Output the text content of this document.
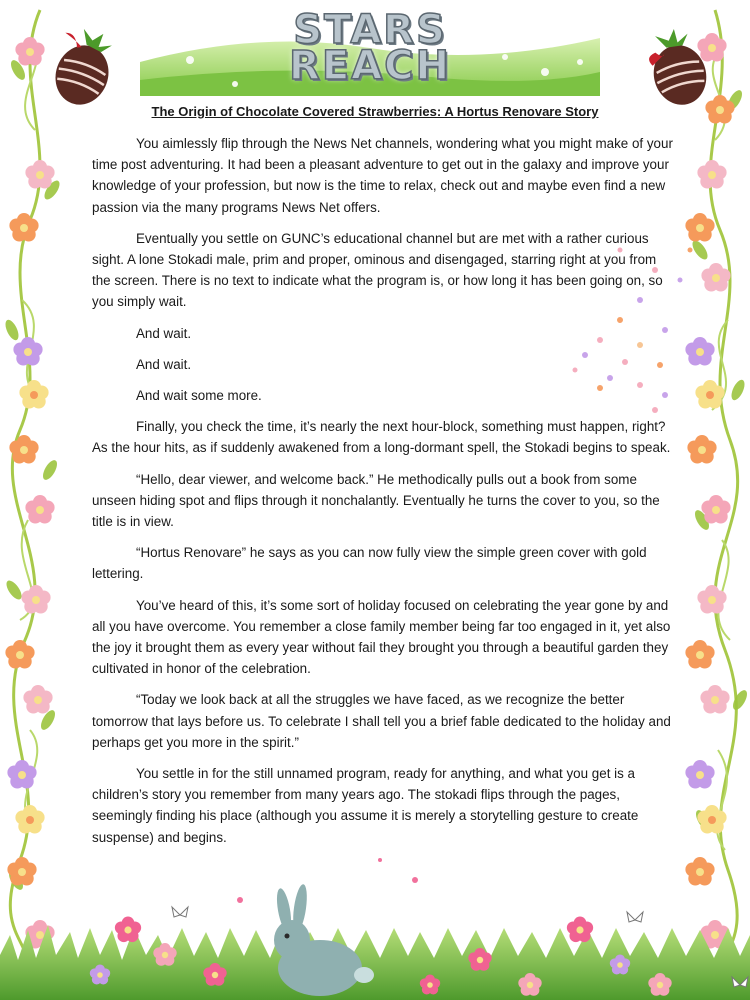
STARS
REACH
The Origin of Chocolate Covered Strawberries: A Hortus Renovare Story

You aimlessly flip through the News Net channels, wondering what you might make of your time post adventuring. It had been a pleasant adventure to get out in the galaxy and improve your knowledge of your profession, but now is the time to relax, check out and maybe even find a new passion via the many programs News Net offers.

Eventually you settle on GUNC’s educational channel but are met with a rather curious sight. A lone Stokadi male, prim and proper, ominous and disengaged, starring right at you from the screen. There is no text to indicate what the program is, or how long it has been going on, so you simply wait.

And wait.

And wait.

And wait some more.

Finally, you check the time, it’s nearly the next hour-block, something must happen, right? As the hour hits, as if suddenly awakened from a long-dormant spell, the Stokadi begins to speak.

“Hello, dear viewer, and welcome back.” He methodically pulls out a book from some unseen hiding spot and flips through it nonchalantly. Eventually he turns the cover to you, so the title is in view.

“Hortus Renovare” he says as you can now fully view the simple green cover with gold lettering.

You’ve heard of this, it’s some sort of holiday focused on celebrating the year gone by and all you have overcome. You remember a close family member being far too engaged in it, yet also the joy it brought them as every year without fail they brought you through a beautiful garden they cultivated in honor of the celebration.

“Today we look back at all the struggles we have faced, as we recognize the better tomorrow that lays before us. To celebrate I shall tell you a brief fable dedicated to the holiday and perhaps get you more in the spirit.”

You settle in for the still unnamed program, ready for anything, and what you get is a children’s story you remember from many years ago. The stokadi flips through the pages, seemingly finding his place (although you assume it is merely a storytelling gesture to create suspense) and begins.
